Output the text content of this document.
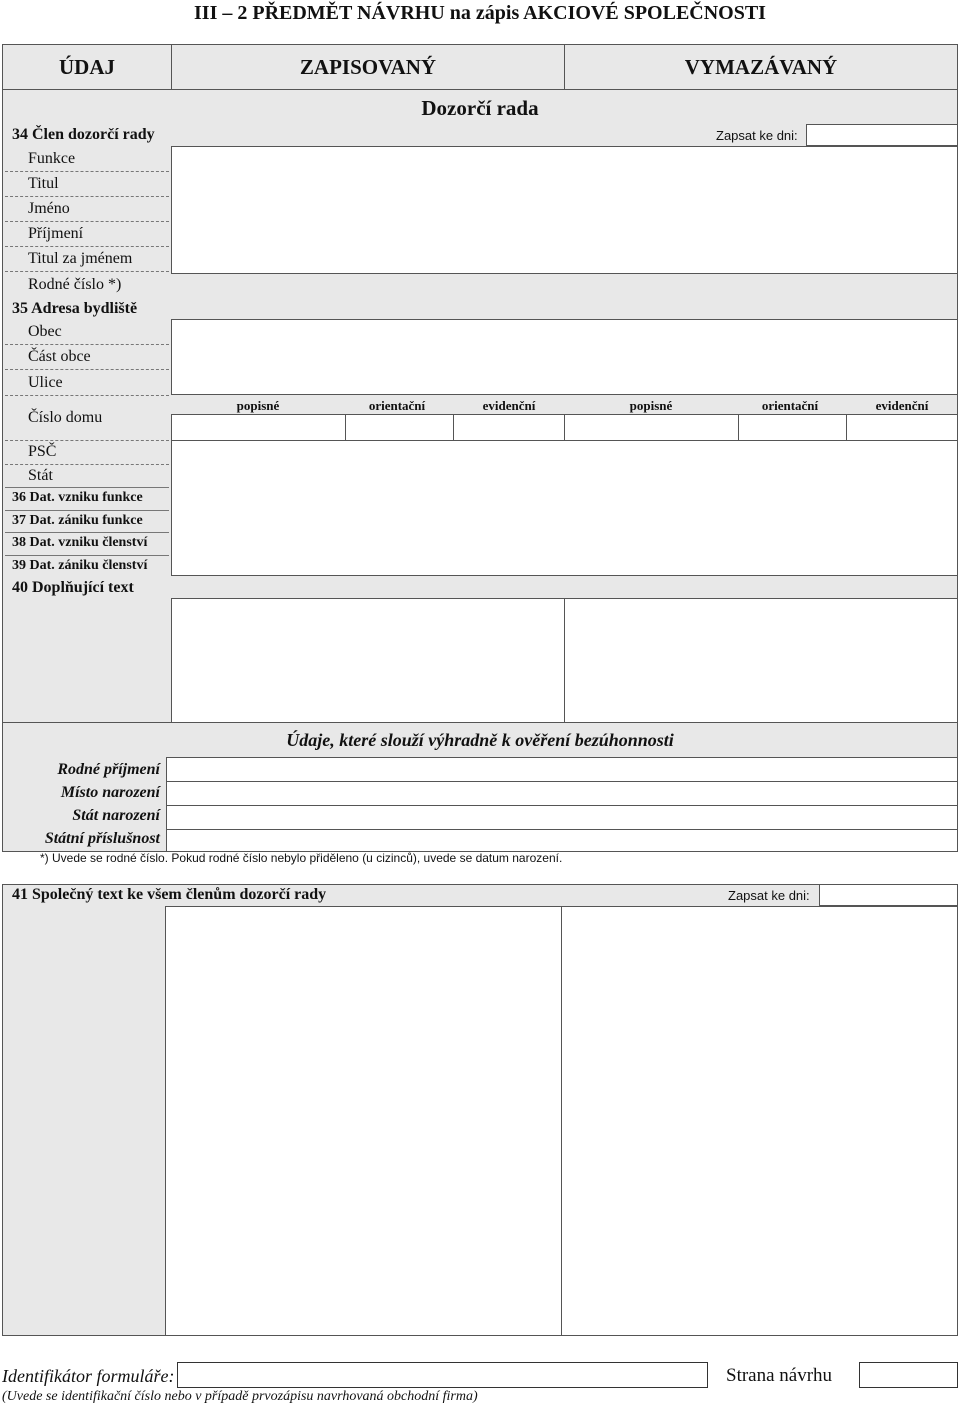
III – 2 PŘEDMĚT NÁVRHU na zápis AKCIOVÉ SPOLEČNOSTI
ÚDAJ	ZAPISOVANÝ	VYMAZÁVANÝ
Dozorčí rada
34 Člen dozorčí rady	Zapsat ke dni:
Funkce
Titul
Jméno
Příjmení
Titul za jménem
Rodné číslo *)
35 Adresa bydliště
Obec
Část obce
Ulice
Číslo domu
popisné	orientační	evidenční	popisné	orientační	evidenční
PSČ
Stát
36 Dat. vzniku funkce
37 Dat. zániku funkce
38 Dat. vzniku členství
39 Dat. zániku členství
40 Doplňující text
Údaje, které slouží výhradně k ověření bezúhonnosti
Rodné příjmení
Místo narození
Stát narození
Státní příslušnost
*) Uvede se rodné číslo. Pokud rodné číslo nebylo přiděleno (u cizinců), uvede se datum narození.
41 Společný text ke všem členům dozorčí rady	Zapsat ke dni:
Identifikátor formuláře:	Strana návrhu
(Uvede se identifikační číslo nebo v případě prvozápisu navrhovaná obchodní firma)
